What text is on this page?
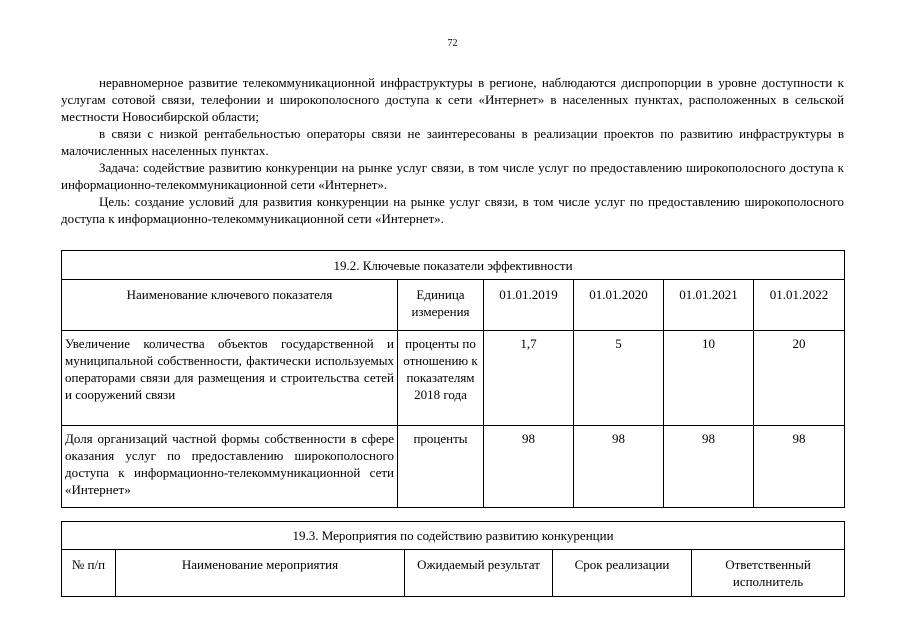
72

неравномерное развитие телекоммуникационной инфраструктуры в регионе, наблюдаются диспропорции в уровне доступности к услугам сотовой связи, телефонии и широкополосного доступа к сети «Интернет» в населенных пунктах, расположенных в сельской местности Новосибирской области;

в связи с низкой рентабельностью операторы связи не заинтересованы в реализации проектов по развитию инфраструктуры в малочисленных населенных пунктах.

Задача: содействие развитию конкуренции на рынке услуг связи, в том числе услуг по предоставлению широкополосного доступа к информационно-телекоммуникационной сети «Интернет».

Цель: создание условий для развития конкуренции на рынке услуг связи, в том числе услуг по предоставлению широкополосного доступа к информационно-телекоммуникационной сети «Интернет».

19.2. Ключевые показатели эффективности					
Наименование ключевого показателя	Единица измерения	01.01.2019	01.01.2020	01.01.2021	01.01.2022
Увеличение количества объектов государственной и муниципальной собственности, фактически используемых операторами связи для размещения и строительства сетей и сооружений связи	проценты по отношению к показателям 2018 года	1,7	5	10	20
Доля организаций частной формы собственности в сфере оказания услуг по предоставлению широкополосного доступа к информационно-телекоммуникационной сети «Интернет»	проценты	98	98	98	98
19.3. Мероприятия по содействию развитию конкуренции
№ п/п	Наименование мероприятия	Ожидаемый результат	Срок реализации	Ответственный исполнитель
